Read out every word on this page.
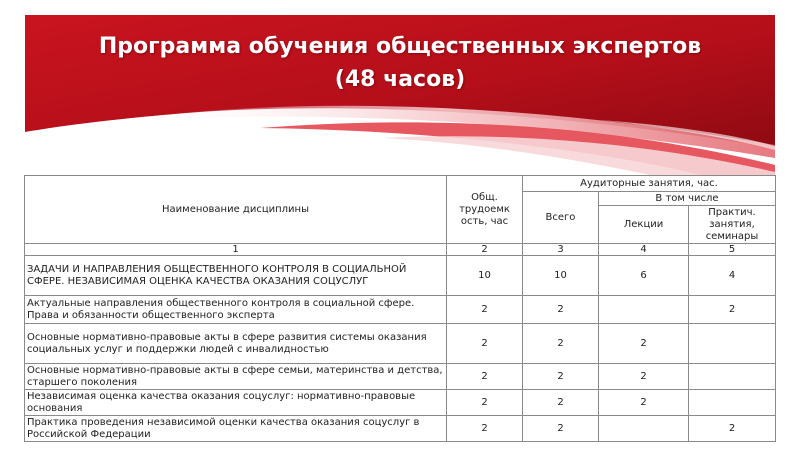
Программа обучения общественных экспертов
(48 часов)
Наименование дисциплины	Общ. трудоемк ость, час	Аудиторные занятия, час.		
		Всего	В том числе	
			Лекции	Практич. занятия, семинары
1	2	3	4	5
ЗАДАЧИ И НАПРАВЛЕНИЯ ОБЩЕСТВЕННОГО КОНТРОЛЯ В СОЦИАЛЬНОЙ СФЕРЕ. НЕЗАВИСИМАЯ ОЦЕНКА КАЧЕСТВА ОКАЗАНИЯ СОЦУСЛУГ	10	10	6	4
Актуальные направления общественного контроля в социальной сфере. Права и обязанности общественного эксперта	2	2		2
Основные нормативно-правовые акты в сфере развития системы оказания социальных услуг и поддержки людей с инвалидностью	2	2	2	
Основные нормативно-правовые акты в сфере семьи, материнства и детства, старшего поколения	2	2	2	
Независимая оценка качества оказания соцуслуг: нормативно-правовые основания	2	2	2	
Практика проведения независимой оценки качества оказания соцуслуг в Российской Федерации	2	2		2
